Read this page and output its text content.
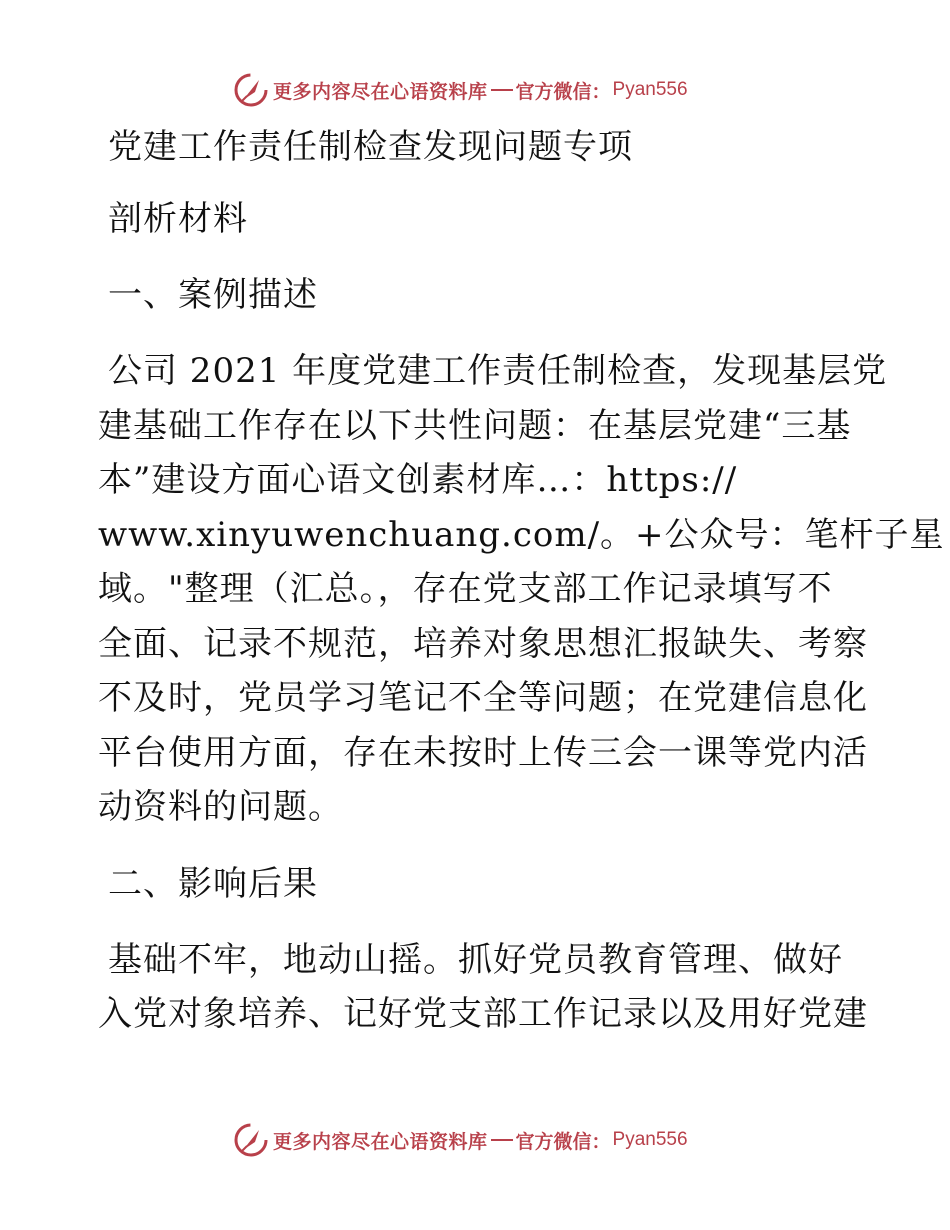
更多内容尽在心语资料库 官方微信： Pyan556
党建工作责任制检查发现问题专项
剖析材料
一、案例描述
公司 2021 年度党建工作责任制检查，发现基层党
建基础工作存在以下共性问题：在基层党建“三基
本”建设方面心语文创素材库…：https://
www.xinyuwenchuang.com/。+公众号：笔杆子星
域。"整理（汇总。，存在党支部工作记录填写不
全面、记录不规范，培养对象思想汇报缺失、考察
不及时，党员学习笔记不全等问题；在党建信息化
平台使用方面，存在未按时上传三会一课等党内活
动资料的问题。
二、影响后果
基础不牢，地动山摇。抓好党员教育管理、做好
入党对象培养、记好党支部工作记录以及用好党建
更多内容尽在心语资料库 官方微信： Pyan556
